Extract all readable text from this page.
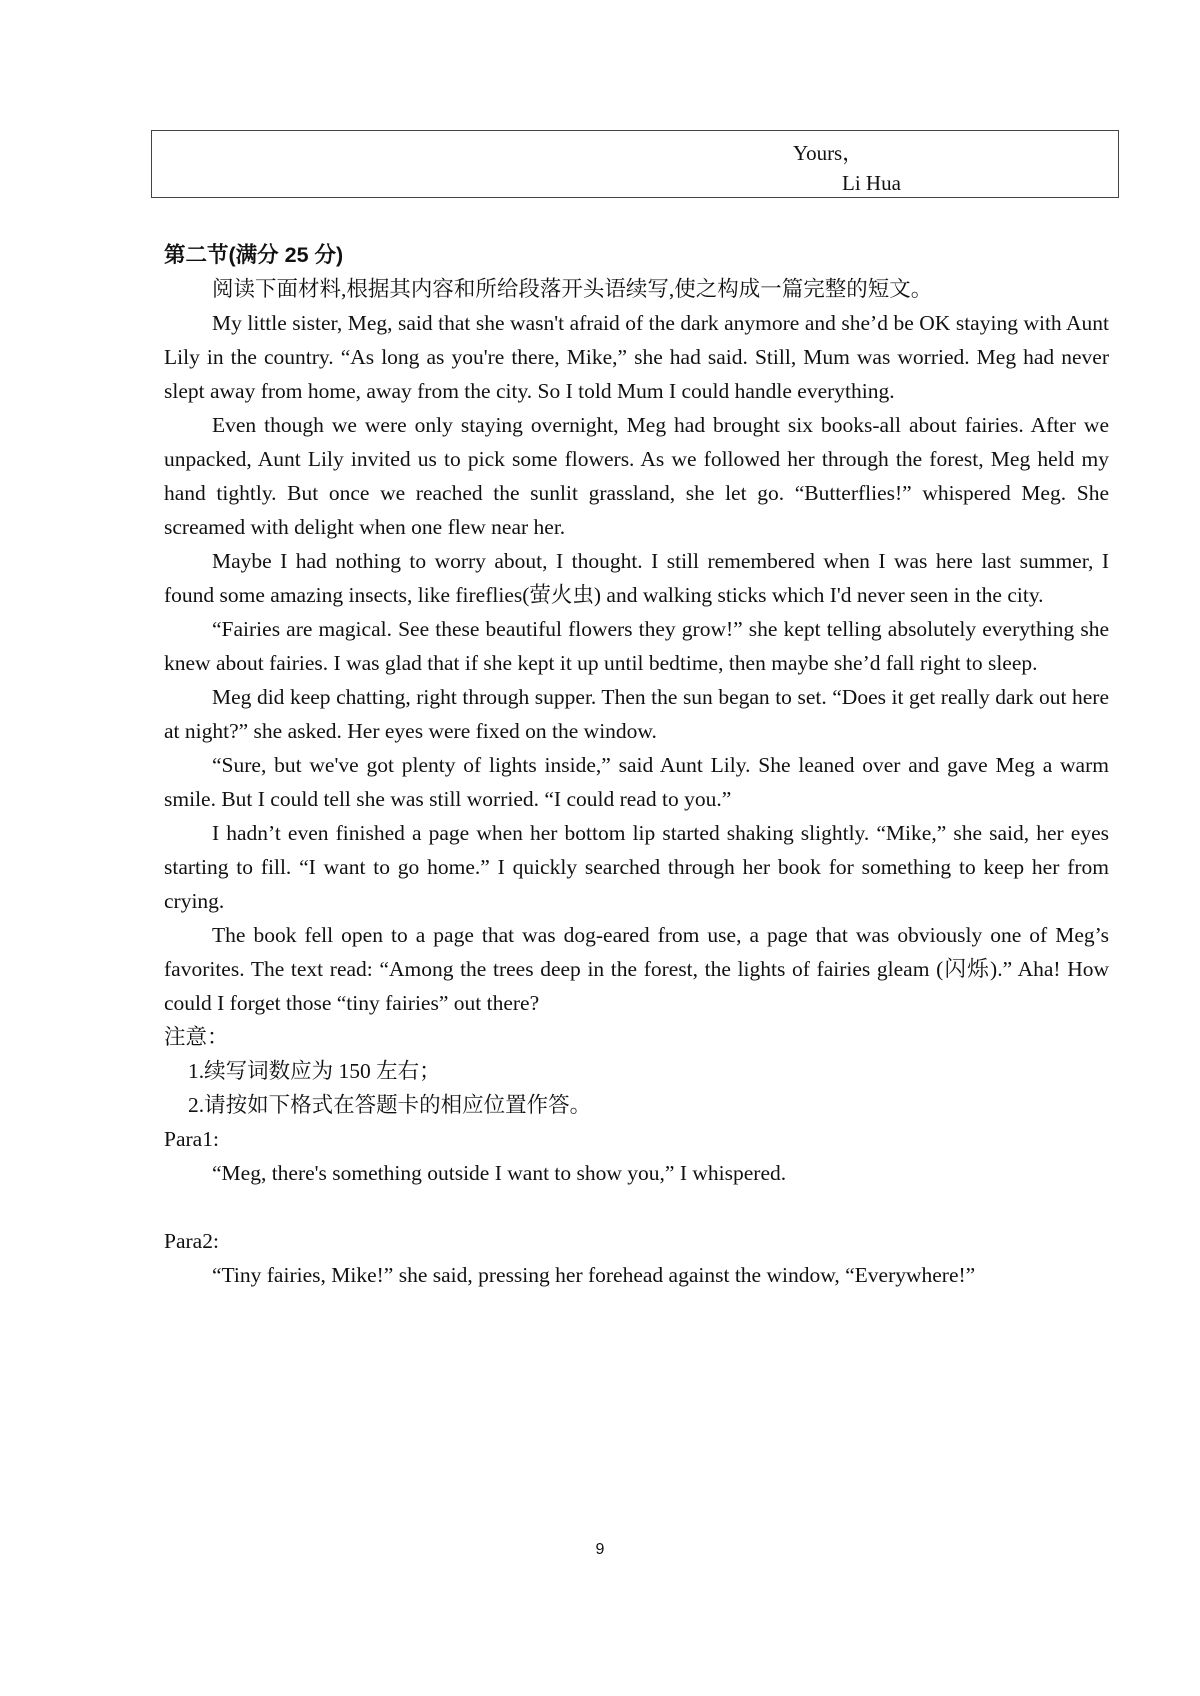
Yours，
Li Hua

第二节(满分 25 分)

阅读下面材料,根据其内容和所给段落开头语续写,使之构成一篇完整的短文。

My little sister, Meg, said that she wasn't afraid of the dark anymore and she’d be OK staying with Aunt Lily in the country. “As long as you're there, Mike,” she had said. Still, Mum was worried. Meg had never slept away from home, away from the city. So I told Mum I could handle everything.

Even though we were only staying overnight, Meg had brought six books-all about fairies. After we unpacked, Aunt Lily invited us to pick some flowers. As we followed her through the forest, Meg held my hand tightly. But once we reached the sunlit grassland, she let go. “Butterflies!” whispered Meg. She screamed with delight when one flew near her.

Maybe I had nothing to worry about, I thought. I still remembered when I was here last summer, I found some amazing insects, like fireflies(萤火虫) and walking sticks which I'd never seen in the city.

“Fairies are magical. See these beautiful flowers they grow!” she kept telling absolutely everything she knew about fairies. I was glad that if she kept it up until bedtime, then maybe she’d fall right to sleep.

Meg did keep chatting, right through supper. Then the sun began to set. “Does it get really dark out here at night?” she asked. Her eyes were fixed on the window.

“Sure, but we've got plenty of lights inside,” said Aunt Lily. She leaned over and gave Meg a warm smile. But I could tell she was still worried. “I could read to you.”

I hadn’t even finished a page when her bottom lip started shaking slightly. “Mike,” she said, her eyes starting to fill. “I want to go home.” I quickly searched through her book for something to keep her from crying.

The book fell open to a page that was dog-eared from use, a page that was obviously one of Meg’s favorites. The text read: “Among the trees deep in the forest, the lights of fairies gleam (闪烁).” Aha! How could I forget those “tiny fairies” out there?

注意：

1.续写词数应为 150 左右；

2.请按如下格式在答题卡的相应位置作答。

Para1:

“Meg, there's something outside I want to show you,” I whispered.

Para2:

“Tiny fairies, Mike!” she said, pressing her forehead against the window, “Everywhere!”

9
